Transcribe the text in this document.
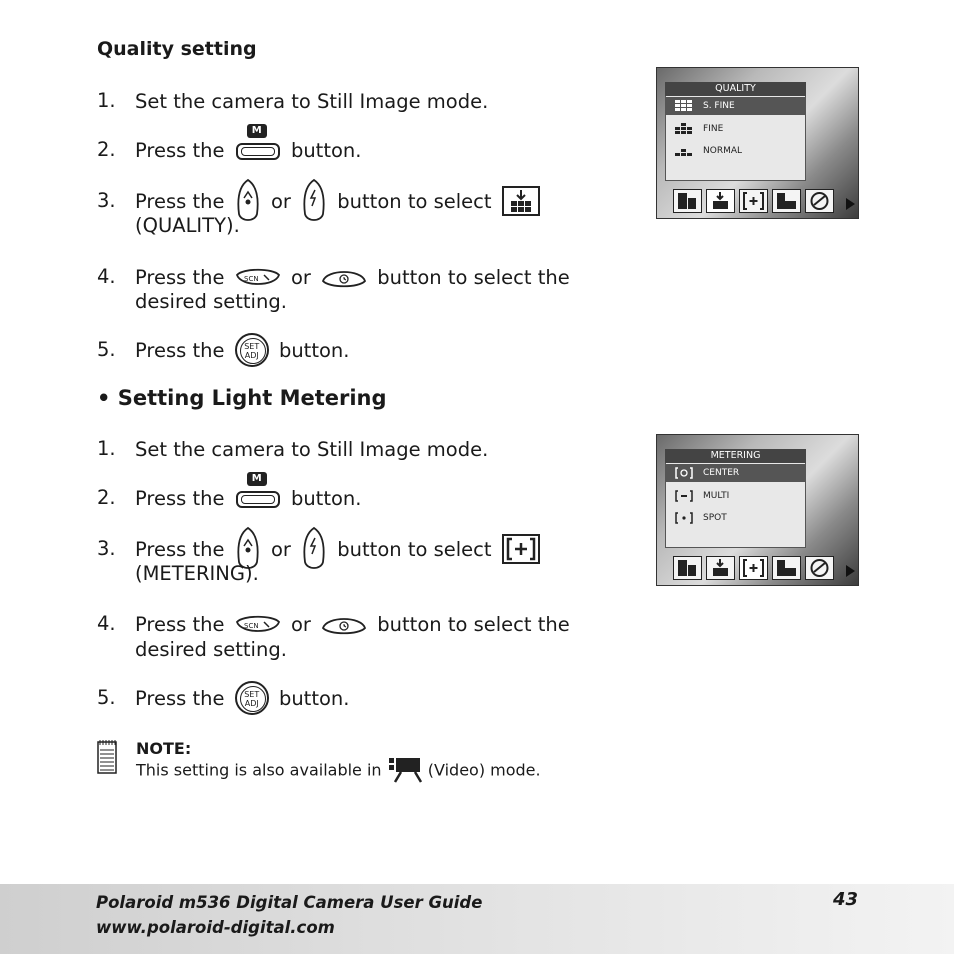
Quality setting
1. Set the camera to Still Image mode.
2. Press the
M
button.
3. Press the or button to select
(QUALITY).
4. Press the	SCN or	button to select the
desired setting.
5. Press the	SET
ADJ	button.
QUALITY
S. FINE
FINE
NORMAL
• Setting Light Metering
1. Set the camera to Still Image mode.
2. Press the
M
button.
3. Press the or button to select
(METERING).
4. Press the	SCN or	button to select the
desired setting.
5. Press the	SET
ADJ	button.
METERING
CENTER
MULTI
SPOT
NOTE:
This setting is also available in	(Video) mode.
Polaroid m536 Digital Camera User Guide
www.polaroid-digital.com
43
